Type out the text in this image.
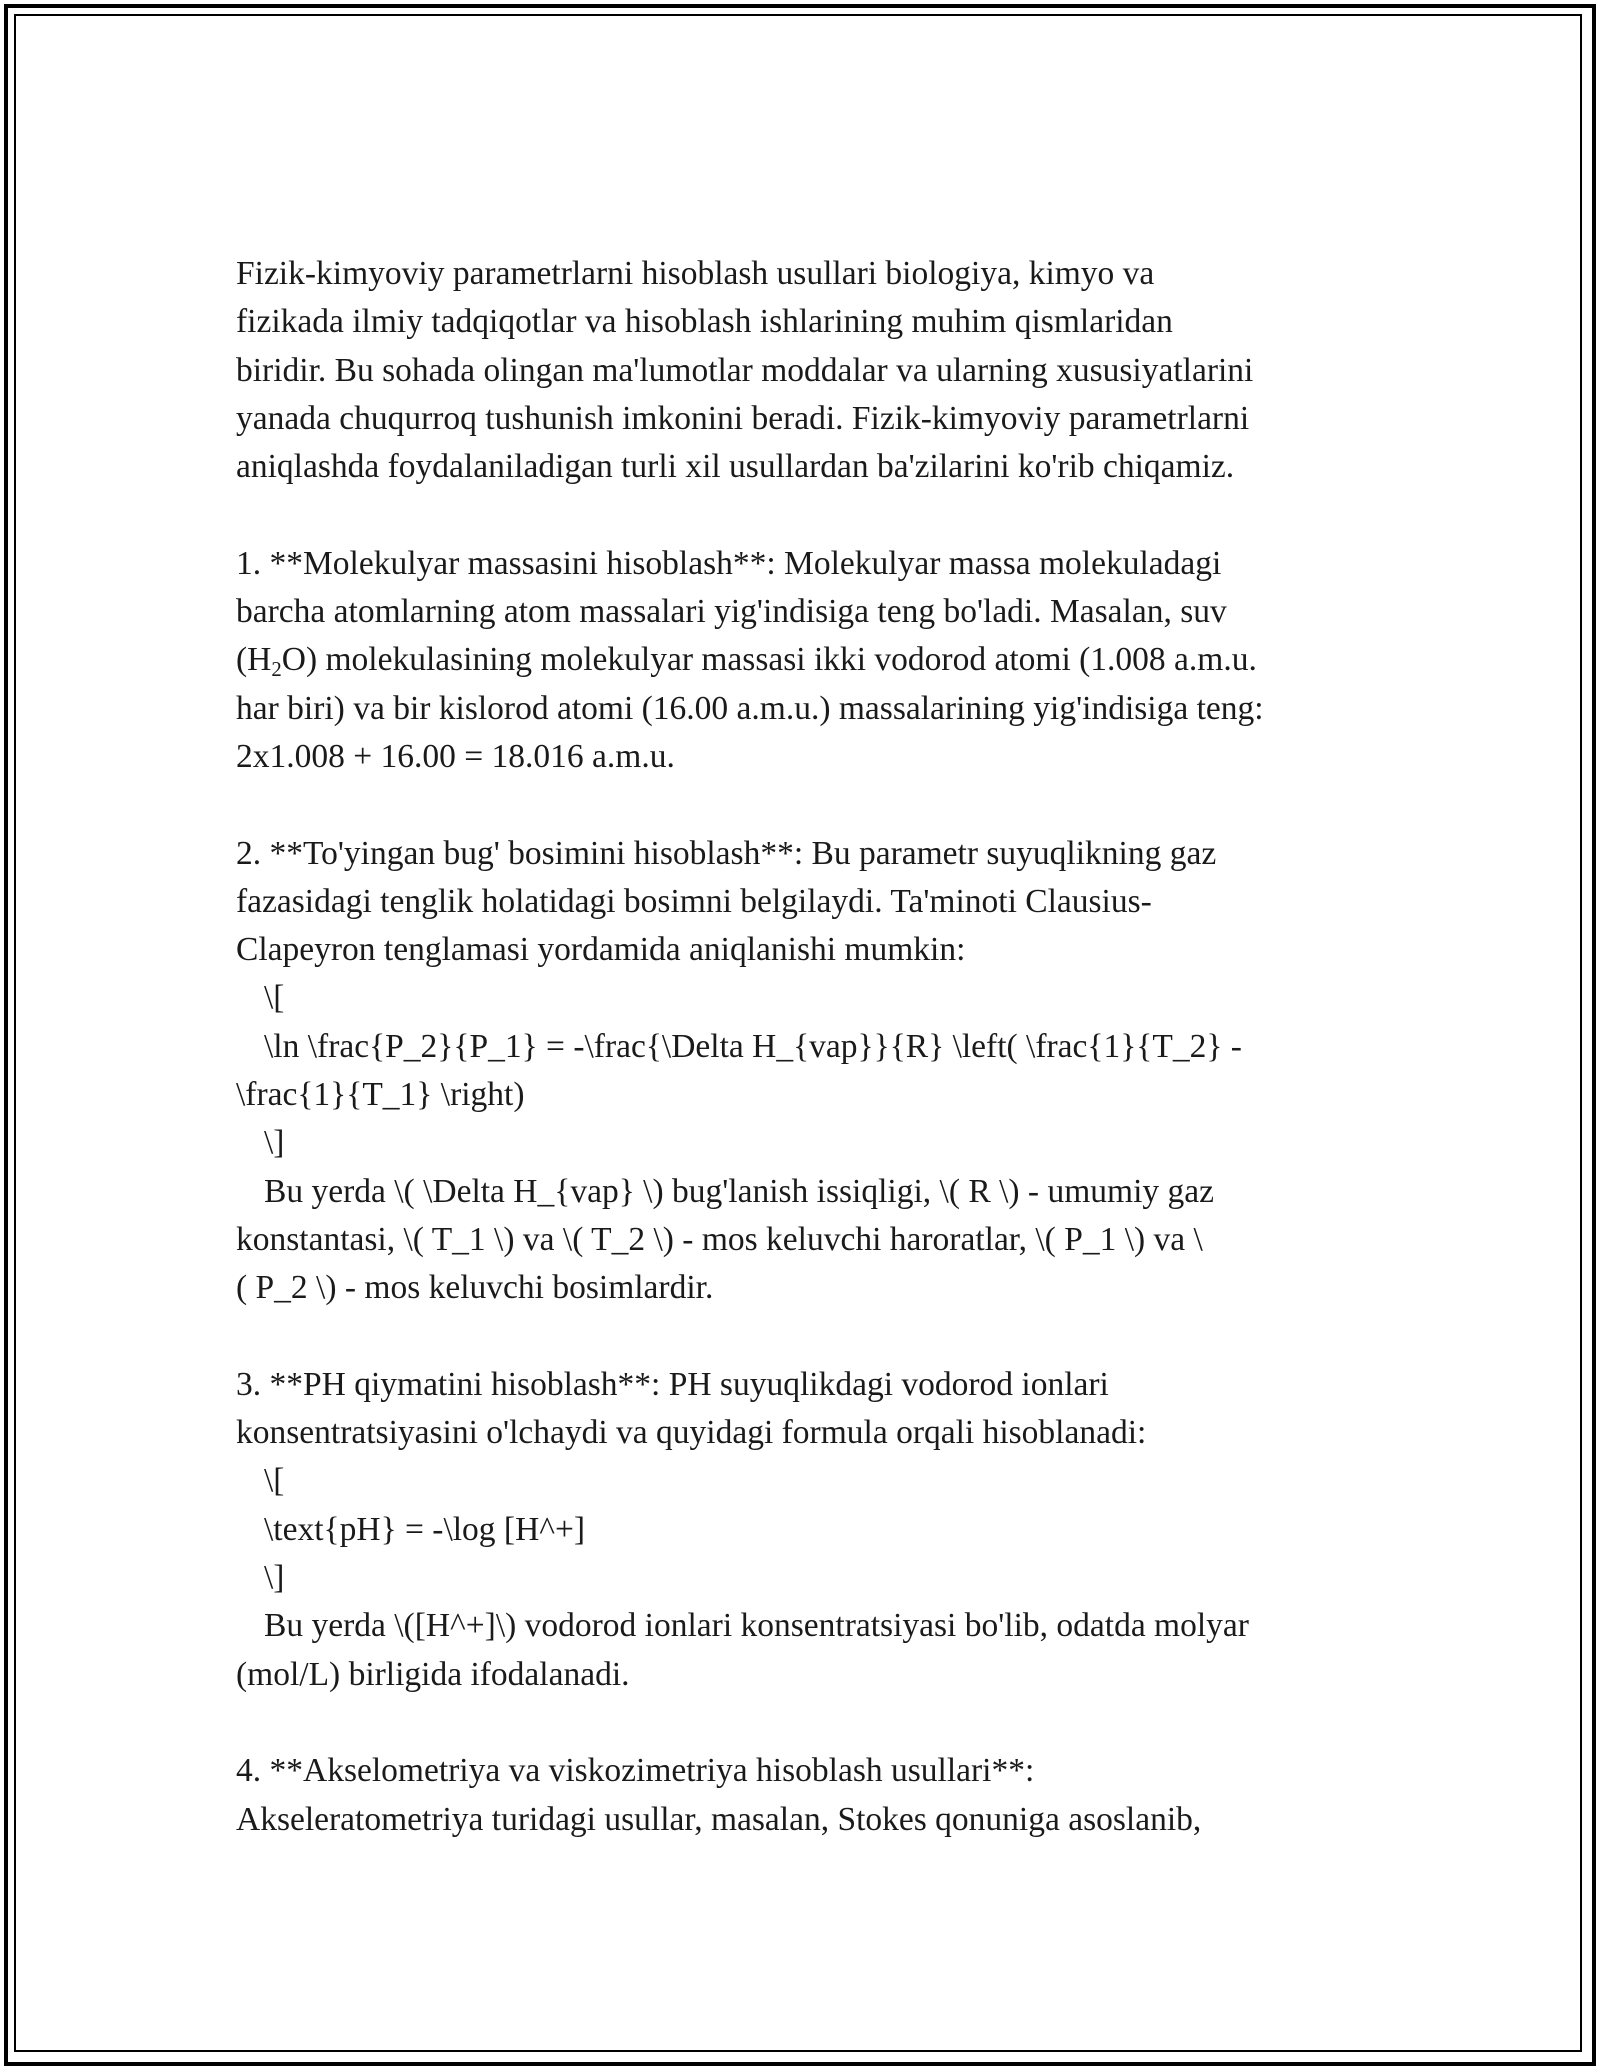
Fizik-kimyoviy parametrlarni hisoblash usullari biologiya, kimyo va
fizikada ilmiy tadqiqotlar va hisoblash ishlarining muhim qismlaridan
biridir. Bu sohada olingan ma'lumotlar moddalar va ularning xususiyatlarini
yanada chuqurroq tushunish imkonini beradi. Fizik-kimyoviy parametrlarni
aniqlashda foydalaniladigan turli xil usullardan ba'zilarini ko'rib chiqamiz.
1. **Molekulyar massasini hisoblash**: Molekulyar massa molekuladagi
barcha atomlarning atom massalari yig'indisiga teng bo'ladi. Masalan, suv
$(H_2O)$ molekulasining molekulyar massasi ikki vodorod atomi (1.008 a.m.u.
har biri) va bir kislorod atomi (16.00 a.m.u.) massalarining yig'indisiga teng:
2x1.008 + 16.00 = 18.016 a.m.u.
2. **To'yingan bug' bosimini hisoblash**: Bu parametr suyuqlikning gaz
fazasidagi tenglik holatidagi bosimni belgilaydi. Ta'minoti Clausius-
Clapeyron tenglamasi yordamida aniqlanishi mumkin:
\[
\ln \frac{P_2}{P_1} = -\frac{\Delta H_{vap}}{R} \left( \frac{1}{T_2} -
\frac{1}{T_1} \right)
\]
Bu yerda \( \Delta H_{vap} \) bug'lanish issiqligi, \( R \) - umumiy gaz
konstantasi, \( T_1 \) va \( T_2 \) - mos keluvchi haroratlar, \( P_1 \) va \
( P_2 \) - mos keluvchi bosimlardir.
3. **PH qiymatini hisoblash**: PH suyuqlikdagi vodorod ionlari
konsentratsiyasini o'lchaydi va quyidagi formula orqali hisoblanadi:
\[
\text{pH} = -\log [H^+]
\]
Bu yerda \([H^+]\) vodorod ionlari konsentratsiyasi bo'lib, odatda molyar
(mol/L) birligida ifodalanadi.
4. **Akselometriya va viskozimetriya hisoblash usullari**:
Akseleratometriya turidagi usullar, masalan, Stokes qonuniga asoslanib,
